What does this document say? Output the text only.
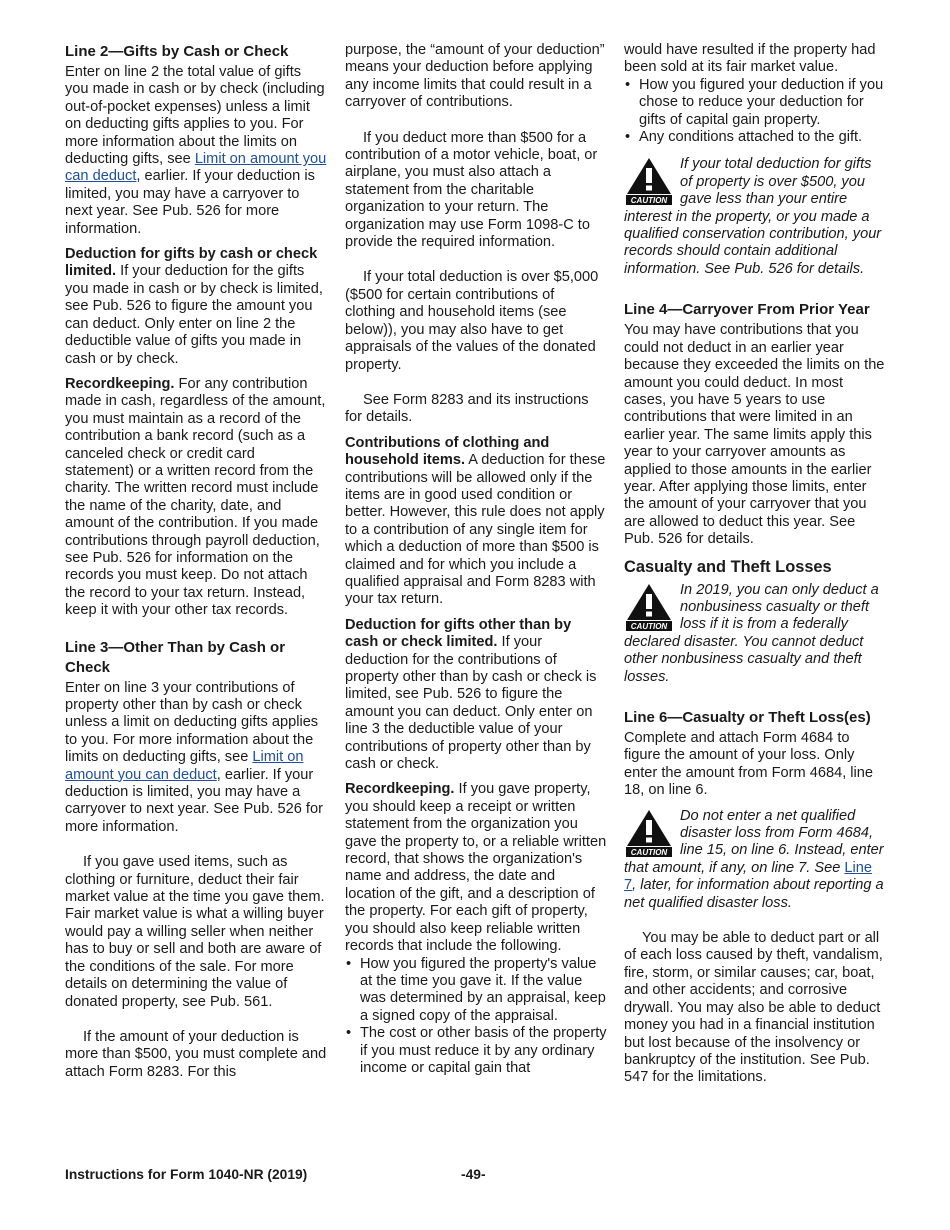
Line 2—Gifts by Cash or Check

Enter on line 2 the total value of gifts you made in cash or by check (including out-of-pocket expenses) unless a limit on deducting gifts applies to you. For more information about the limits on deducting gifts, see Limit on amount you can deduct, earlier. If your deduction is limited, you may have a carryover to next year. See Pub. 526 for more information.

Deduction for gifts by cash or check limited. If your deduction for the gifts you made in cash or by check is limited, see Pub. 526 to figure the amount you can deduct. Only enter on line 2 the deductible value of gifts you made in cash or by check.

Recordkeeping. For any contribution made in cash, regardless of the amount, you must maintain as a record of the contribution a bank record (such as a canceled check or credit card statement) or a written record from the charity. The written record must include the name of the charity, date, and amount of the contribution. If you made contributions through payroll deduction, see Pub. 526 for information on the records you must keep. Do not attach the record to your tax return. Instead, keep it with your other tax records.

Line 3—Other Than by Cash or Check

Enter on line 3 your contributions of property other than by cash or check unless a limit on deducting gifts applies to you. For more information about the limits on deducting gifts, see Limit on amount you can deduct, earlier. If your deduction is limited, you may have a carryover to next year. See Pub. 526 for more information.

If you gave used items, such as clothing or furniture, deduct their fair market value at the time you gave them. Fair market value is what a willing buyer would pay a willing seller when neither has to buy or sell and both are aware of the conditions of the sale. For more details on determining the value of donated property, see Pub. 561.

If the amount of your deduction is more than $500, you must complete and attach Form 8283. For this

purpose, the “amount of your deduction” means your deduction before applying any income limits that could result in a carryover of contributions.

If you deduct more than $500 for a contribution of a motor vehicle, boat, or airplane, you must also attach a statement from the charitable organization to your return. The organization may use Form 1098-C to provide the required information.

If your total deduction is over $5,000 ($500 for certain contributions of clothing and household items (see below)), you may also have to get appraisals of the values of the donated property.

See Form 8283 and its instructions for details.

Contributions of clothing and household items. A deduction for these contributions will be allowed only if the items are in good used condition or better. However, this rule does not apply to a contribution of any single item for which a deduction of more than $500 is claimed and for which you include a qualified appraisal and Form 8283 with your tax return.

Deduction for gifts other than by cash or check limited. If your deduction for the contributions of property other than by cash or check is limited, see Pub. 526 to figure the amount you can deduct. Only enter on line 3 the deductible value of your contributions of property other than by cash or check.

Recordkeeping. If you gave property, you should keep a receipt or written statement from the organization you gave the property to, or a reliable written record, that shows the organization's name and address, the date and location of the gift, and a description of the property. For each gift of property, you should also keep reliable written records that include the following.

• How you figured the property's value at the time you gave it. If the value was determined by an appraisal, keep a signed copy of the appraisal.

• The cost or other basis of the property if you must reduce it by any ordinary income or capital gain that

would have resulted if the property had been sold at its fair market value.

• How you figured your deduction if you chose to reduce your deduction for gifts of capital gain property.

• Any conditions attached to the gift.

CAUTION
If your total deduction for gifts of property is over $500, you gave less than your entire interest in the property, or you made a qualified conservation contribution, your records should contain additional information. See Pub. 526 for details.
Line 4—Carryover From Prior Year

You may have contributions that you could not deduct in an earlier year because they exceeded the limits on the amount you could deduct. In most cases, you have 5 years to use contributions that were limited in an earlier year. The same limits apply this year to your carryover amounts as applied to those amounts in the earlier year. After applying those limits, enter the amount of your carryover that you are allowed to deduct this year. See Pub. 526 for details.

Casualty and Theft Losses
CAUTION
In 2019, you can only deduct a nonbusiness casualty or theft loss if it is from a federally declared disaster. You cannot deduct other nonbusiness casualty and theft losses.
Line 6—Casualty or Theft Loss(es)

Complete and attach Form 4684 to figure the amount of your loss. Only enter the amount from Form 4684, line 18, on line 6.

CAUTION
Do not enter a net qualified disaster loss from Form 4684, line 15, on line 6. Instead, enter that amount, if any, on line 7. See Line 7, later, for information about reporting a net qualified disaster loss.

You may be able to deduct part or all of each loss caused by theft, vandalism, fire, storm, or similar causes; car, boat, and other accidents; and corrosive drywall. You may also be able to deduct money you had in a financial institution but lost because of the insolvency or bankruptcy of the institution. See Pub. 547 for the limitations.

Instructions for Form 1040-NR (2019)	-49-
